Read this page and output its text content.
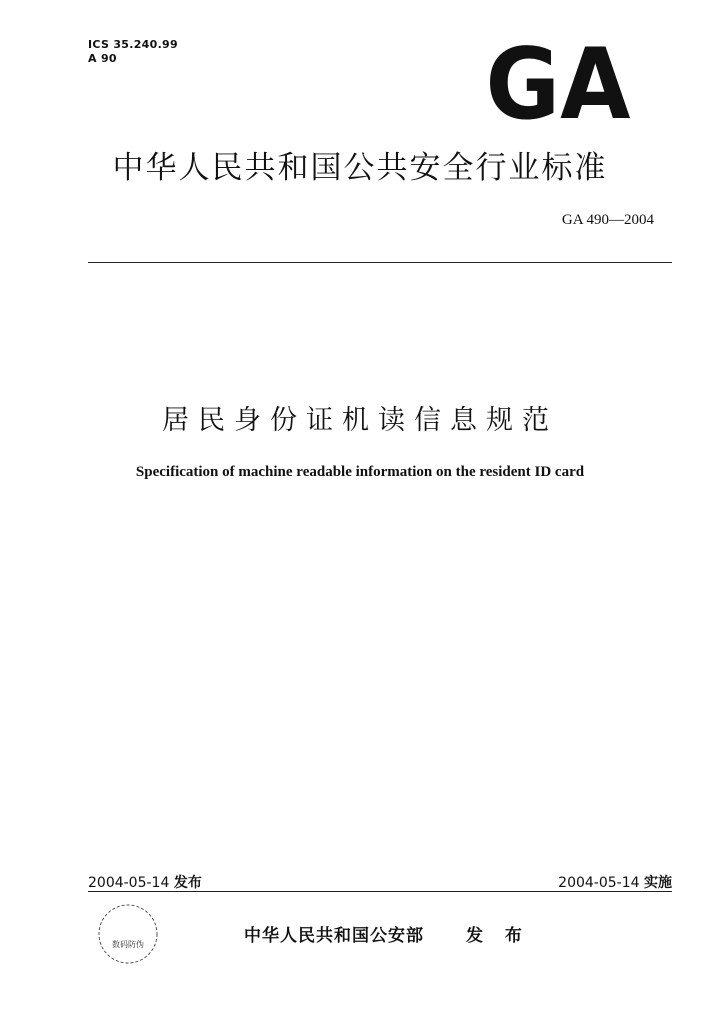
ICS 35.240.99
A 90	GA
中华人民共和国公共安全行业标准
GA 490—2004
居民身份证机读信息规范
Specification of machine readable information on the resident ID card
2004-05-14 发布	2004-05-14 实施
数码防伪	中华人民共和国公安部 发 布
